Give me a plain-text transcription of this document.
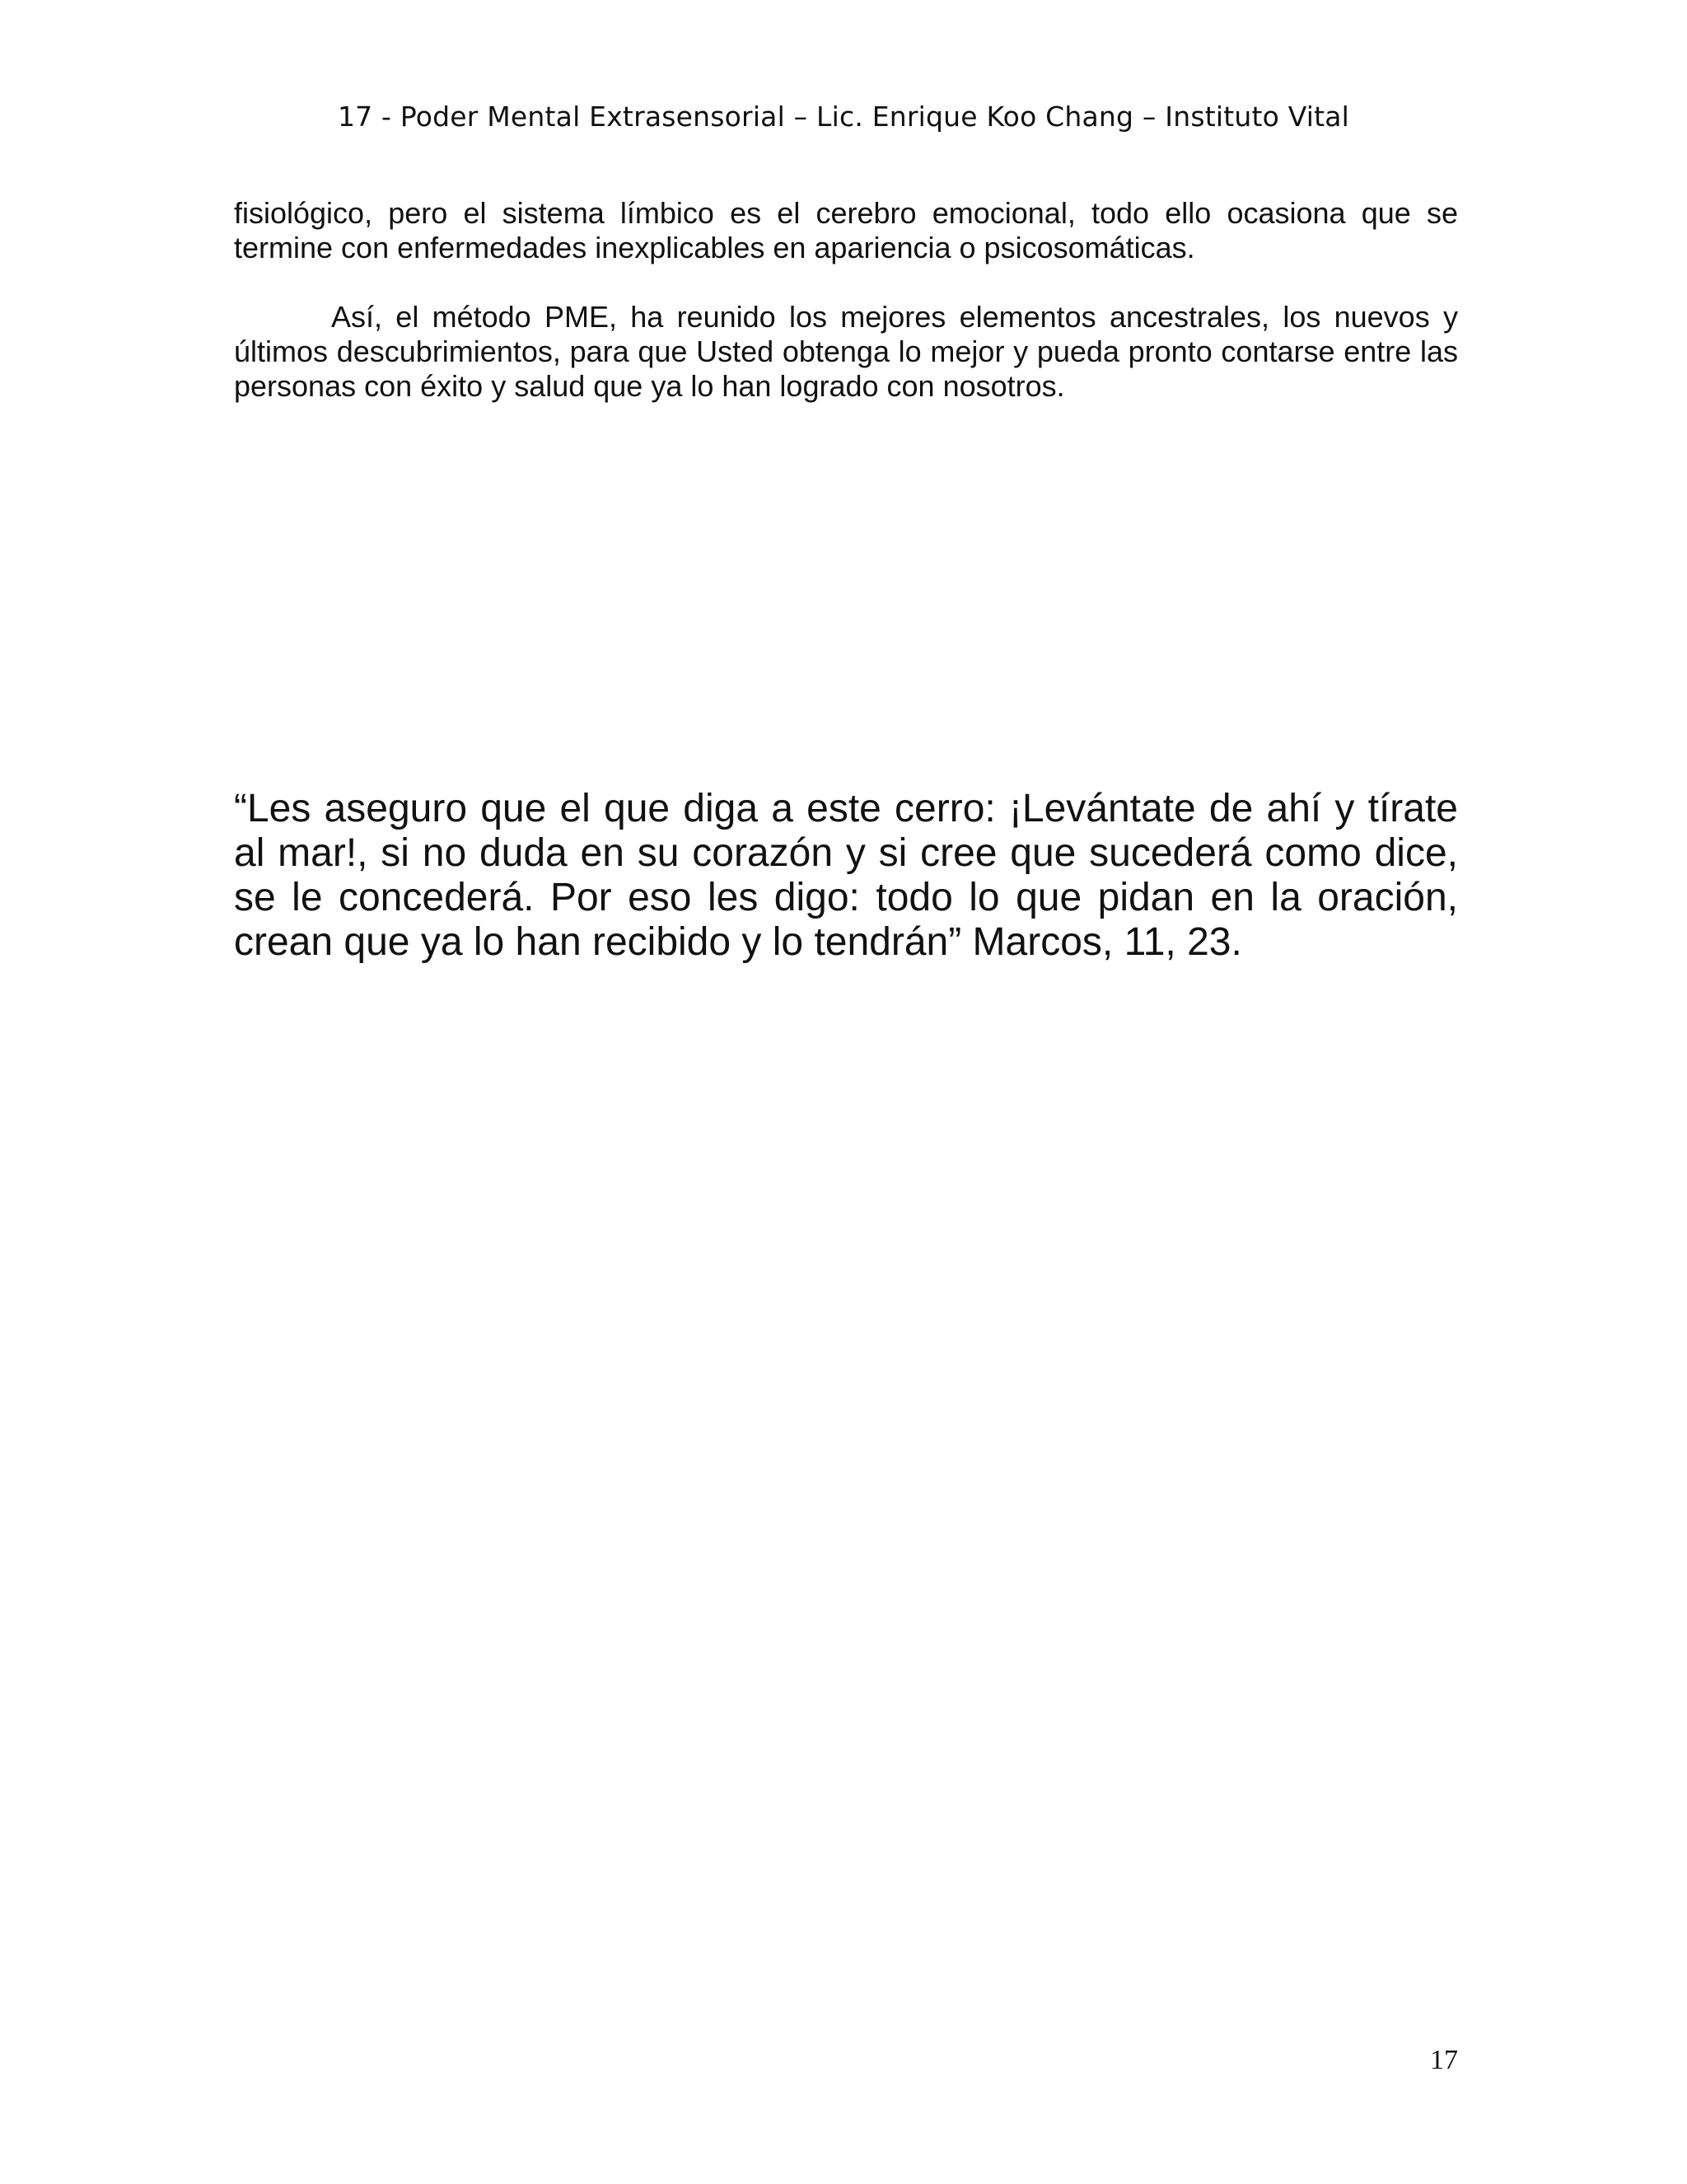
17 - Poder Mental Extrasensorial – Lic. Enrique Koo Chang – Instituto Vital

fisiológico, pero el sistema límbico es el cerebro emocional, todo ello ocasiona que se termine con enfermedades inexplicables en apariencia o psicosomáticas.

Así, el método PME, ha reunido los mejores elementos ancestrales, los nuevos y últimos descubrimientos, para que Usted obtenga lo mejor y pueda pronto contarse entre las personas con éxito y salud que ya lo han logrado con nosotros.

“Les aseguro que el que diga a este cerro: ¡Levántate de ahí y tírate al mar!, si no duda en su corazón y si cree que sucederá como dice, se le concederá. Por eso les digo: todo lo que pidan en la oración, crean que ya lo han recibido y lo tendrán” Marcos, 11, 23.

17
